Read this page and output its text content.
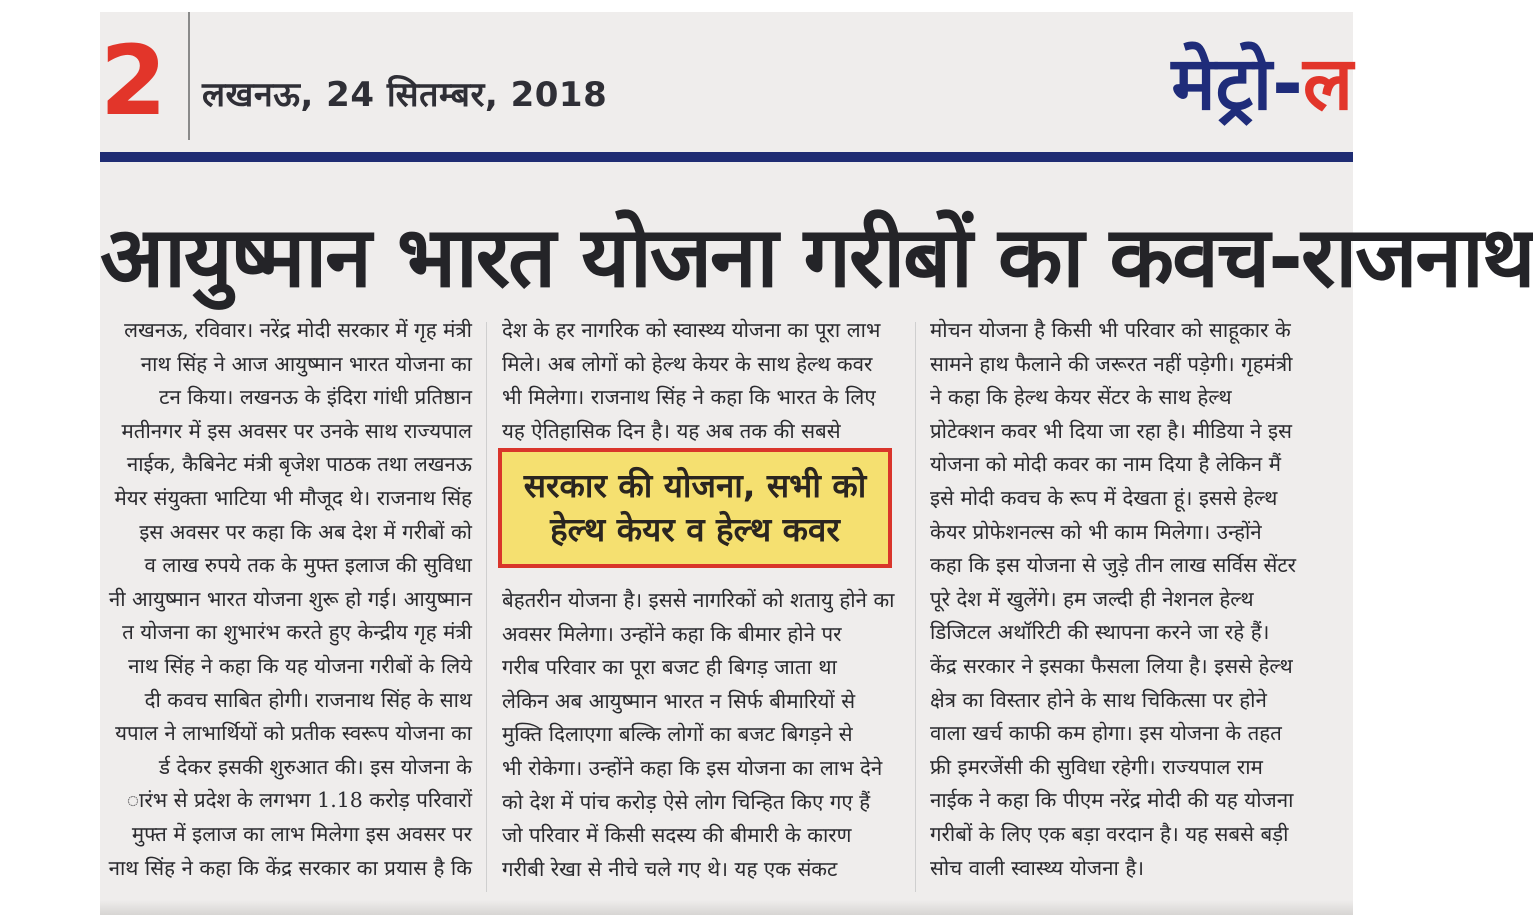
2	लखनऊ, 24 सितम्बर, 2018	मेट्रो-ल
आयुष्मान भारत योजना गरीबों का कवच-राजनाथ

लखनऊ, रविवार। नरेंद्र मोदी सरकार में गृह मंत्री

नाथ सिंह ने आज आयुष्मान भारत योजना का

टन किया। लखनऊ के इंदिरा गांधी प्रतिष्ठान

मतीनगर में इस अवसर पर उनके साथ राज्यपाल

नाईक, कैबिनेट मंत्री बृजेश पाठक तथा लखनऊ

मेयर संयुक्ता भाटिया भी मौजूद थे। राजनाथ सिंह

इस अवसर पर कहा कि अब देश में गरीबों को

व लाख रुपये तक के मुफ्त इलाज की सुविधा

नी आयुष्मान भारत योजना शुरू हो गई। आयुष्मान

त योजना का शुभारंभ करते हुए केन्द्रीय गृह मंत्री

नाथ सिंह ने कहा कि यह योजना गरीबों के लिये

दी कवच साबित होगी। राजनाथ सिंह के साथ

यपाल ने लाभार्थियों को प्रतीक स्वरूप योजना का

र्ड देकर इसकी शुरुआत की। इस योजना के

ारंभ से प्रदेश के लगभग 1.18 करोड़ परिवारों

मुफ्त में इलाज का लाभ मिलेगा इस अवसर पर

नाथ सिंह ने कहा कि केंद्र सरकार का प्रयास है कि

देश के हर नागरिक को स्वास्थ्य योजना का पूरा लाभ

मिले। अब लोगों को हेल्थ केयर के साथ हेल्थ कवर

भी मिलेगा। राजनाथ सिंह ने कहा कि भारत के लिए

यह ऐतिहासिक दिन है। यह अब तक की सबसे

सरकार की योजना, सभी को

हेल्थ केयर व हेल्थ कवर

बेहतरीन योजना है। इससे नागरिकों को शतायु होने का

अवसर मिलेगा। उन्होंने कहा कि बीमार होने पर

गरीब परिवार का पूरा बजट ही बिगड़ जाता था

लेकिन अब आयुष्मान भारत न सिर्फ बीमारियों से

मुक्ति दिलाएगा बल्कि लोगों का बजट बिगड़ने से

भी रोकेगा। उन्होंने कहा कि इस योजना का लाभ देने

को देश में पांच करोड़ ऐसे लोग चिन्हित किए गए हैं

जो परिवार में किसी सदस्य की बीमारी के कारण

गरीबी रेखा से नीचे चले गए थे। यह एक संकट

मोचन योजना है किसी भी परिवार को साहूकार के

सामने हाथ फैलाने की जरूरत नहीं पड़ेगी। गृहमंत्री

ने कहा कि हेल्थ केयर सेंटर के साथ हेल्थ

प्रोटेक्शन कवर भी दिया जा रहा है। मीडिया ने इस

योजना को मोदी कवर का नाम दिया है लेकिन मैं

इसे मोदी कवच के रूप में देखता हूं। इससे हेल्थ

केयर प्रोफेशनल्स को भी काम मिलेगा। उन्होंने

कहा कि इस योजना से जुड़े तीन लाख सर्विस सेंटर

पूरे देश में खुलेंगे। हम जल्दी ही नेशनल हेल्थ

डिजिटल अथॉरिटी की स्थापना करने जा रहे हैं।

केंद्र सरकार ने इसका फैसला लिया है। इससे हेल्थ

क्षेत्र का विस्तार होने के साथ चिकित्सा पर होने

वाला खर्च काफी कम होगा। इस योजना के तहत

फ्री इमरजेंसी की सुविधा रहेगी। राज्यपाल राम

नाईक ने कहा कि पीएम नरेंद्र मोदी की यह योजना

गरीबों के लिए एक बड़ा वरदान है। यह सबसे बड़ी

सोच वाली स्वास्थ्य योजना है।
